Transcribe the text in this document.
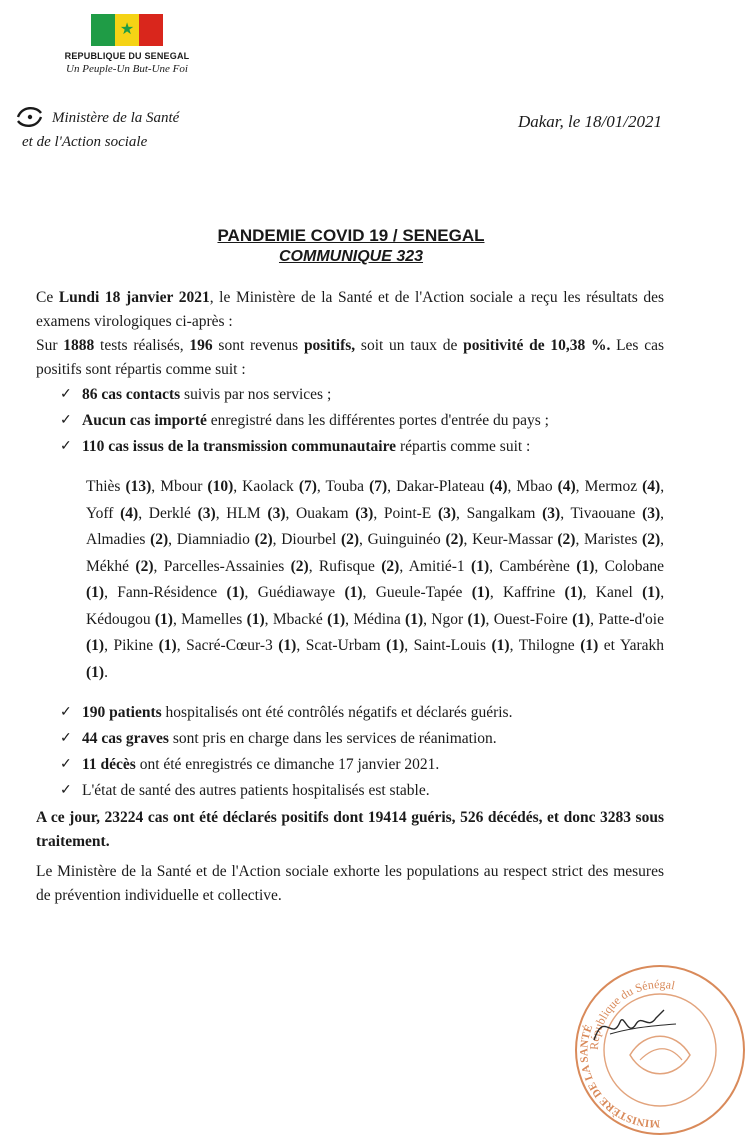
★
REPUBLIQUE DU SENEGAL
Un Peuple-Un But-Une Foi
Ministère de la Santé
et de l'Action sociale
Dakar, le 18/01/2021
PANDEMIE COVID 19 / SENEGAL
COMMUNIQUE 323

Ce Lundi 18 janvier 2021, le Ministère de la Santé et de l'Action sociale a reçu les résultats des examens virologiques ci-après :

Sur 1888 tests réalisés, 196 sont revenus positifs, soit un taux de positivité de 10,38 %. Les cas positifs sont répartis comme suit :

✓ 86 cas contacts suivis par nos services ;
✓ Aucun cas importé enregistré dans les différentes portes d'entrée du pays ;
✓ 110 cas issus de la transmission communautaire répartis comme suit :

Thiès (13), Mbour (10), Kaolack (7), Touba (7), Dakar-Plateau (4), Mbao (4), Mermoz (4), Yoff (4), Derklé (3), HLM (3), Ouakam (3), Point-E (3), Sangalkam (3), Tivaouane (3), Almadies (2), Diamniadio (2), Diourbel (2), Guinguinéo (2), Keur-Massar (2), Maristes (2), Mékhé (2), Parcelles-Assainies (2), Rufisque (2), Amitié-1 (1), Cambérène (1), Colobane (1), Fann-Résidence (1), Guédiawaye (1), Gueule-Tapée (1), Kaffrine (1), Kanel (1), Kédougou (1), Mamelles (1), Mbacké (1), Médina (1), Ngor (1), Ouest-Foire (1), Patte-d'oie (1), Pikine (1), Sacré-Cœur-3 (1), Scat-Urbam (1), Saint-Louis (1), Thilogne (1) et Yarakh (1).

✓ 190 patients hospitalisés ont été contrôlés négatifs et déclarés guéris.
✓ 44 cas graves sont pris en charge dans les services de réanimation.
✓ 11 décès ont été enregistrés ce dimanche 17 janvier 2021.
✓ L'état de santé des autres patients hospitalisés est stable.

A ce jour, 23224 cas ont été déclarés positifs dont 19414 guéris, 526 décédés, et donc 3283 sous traitement.

Le Ministère de la Santé et de l'Action sociale exhorte les populations au respect strict des mesures de prévention individuelle et collective.

République du Sénégal
MINISTÈRE DE LA SANTÉ
